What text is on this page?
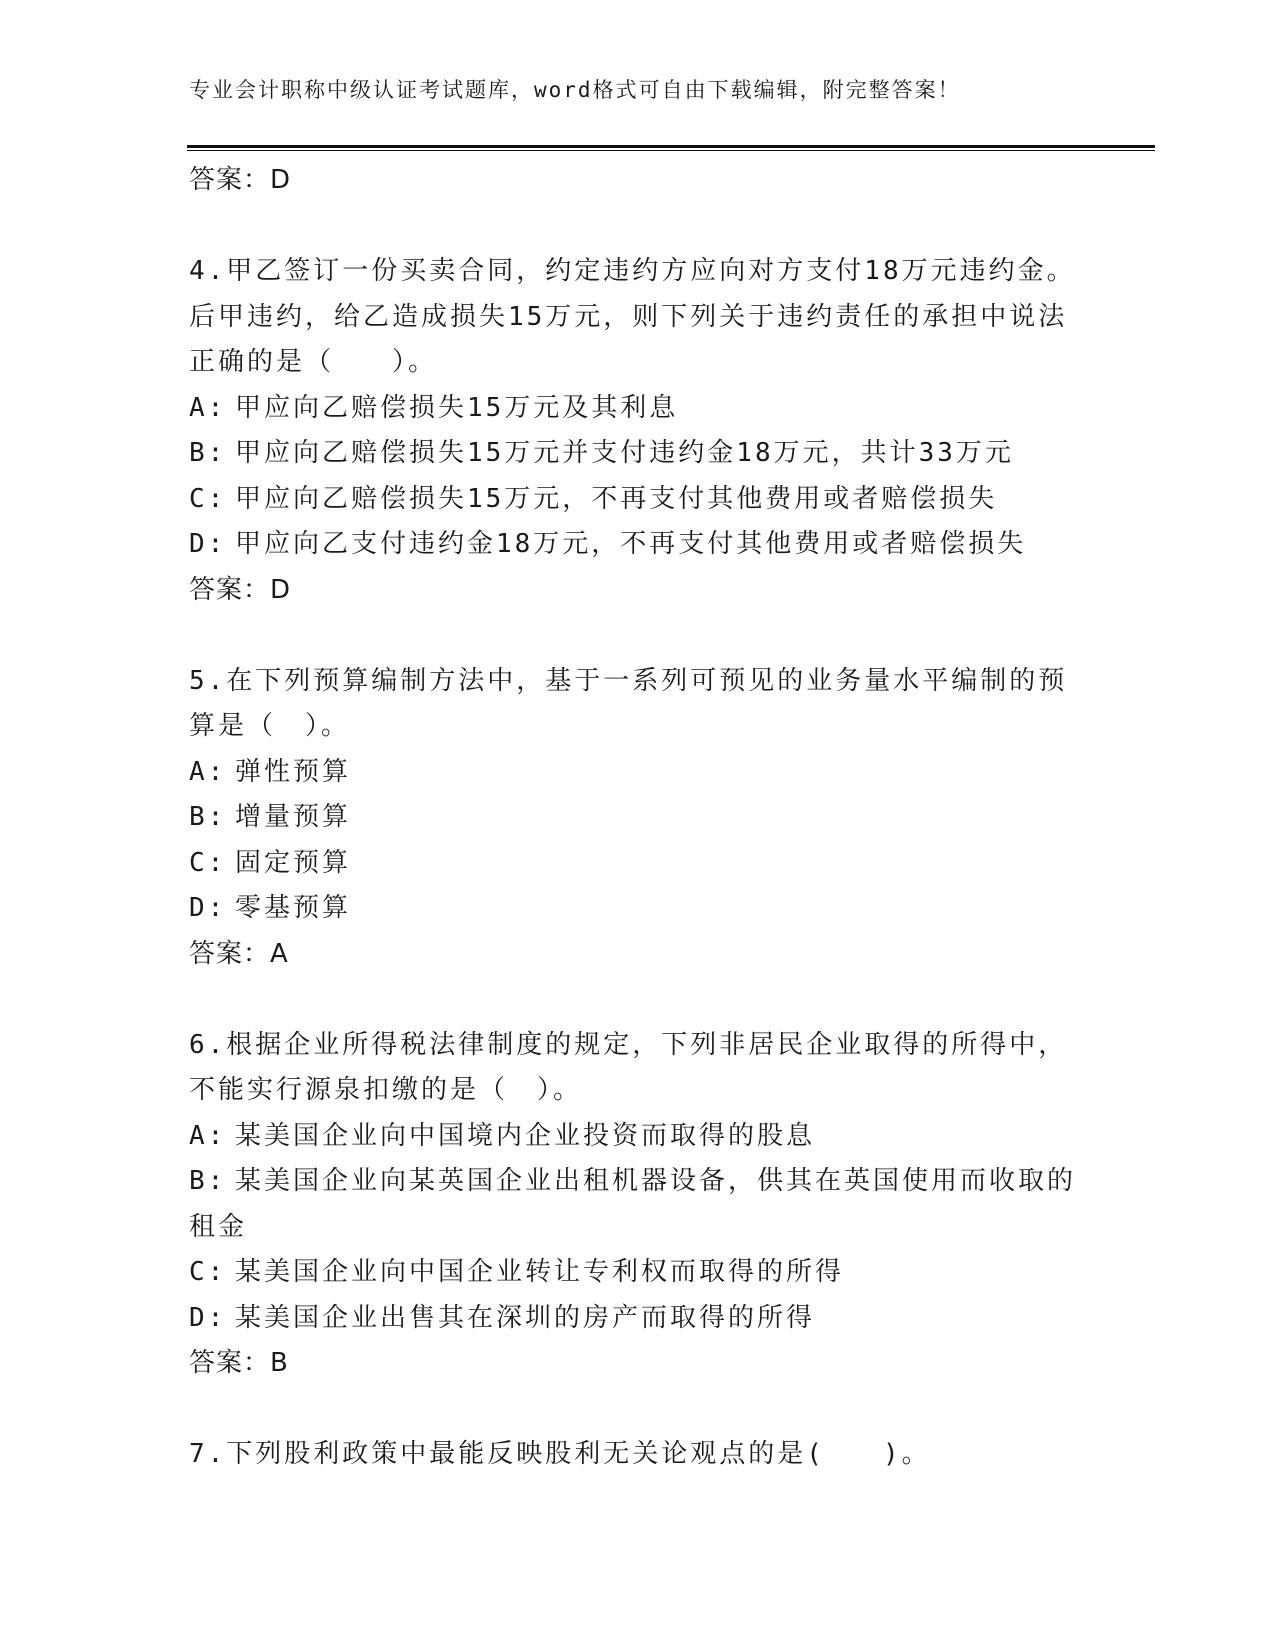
专业会计职称中级认证考试题库，word格式可自由下载编辑，附完整答案！
答案：D
4.甲乙签订一份买卖合同，约定违约方应向对方支付18万元违约金。
后甲违约，给乙造成损失15万元，则下列关于违约责任的承担中说法
正确的是（　　）。
A: 甲应向乙赔偿损失15万元及其利息
B: 甲应向乙赔偿损失15万元并支付违约金18万元，共计33万元
C: 甲应向乙赔偿损失15万元，不再支付其他费用或者赔偿损失
D: 甲应向乙支付违约金18万元，不再支付其他费用或者赔偿损失
答案：D
5.在下列预算编制方法中，基于一系列可预见的业务量水平编制的预
算是（　）。
A: 弹性预算
B: 增量预算
C: 固定预算
D: 零基预算
答案：A
6.根据企业所得税法律制度的规定，下列非居民企业取得的所得中，
不能实行源泉扣缴的是（　）。
A: 某美国企业向中国境内企业投资而取得的股息
B: 某美国企业向某英国企业出租机器设备，供其在英国使用而收取的
租金
C: 某美国企业向中国企业转让专利权而取得的所得
D: 某美国企业出售其在深圳的房产而取得的所得
答案：B
7.下列股利政策中最能反映股利无关论观点的是(　　)。
